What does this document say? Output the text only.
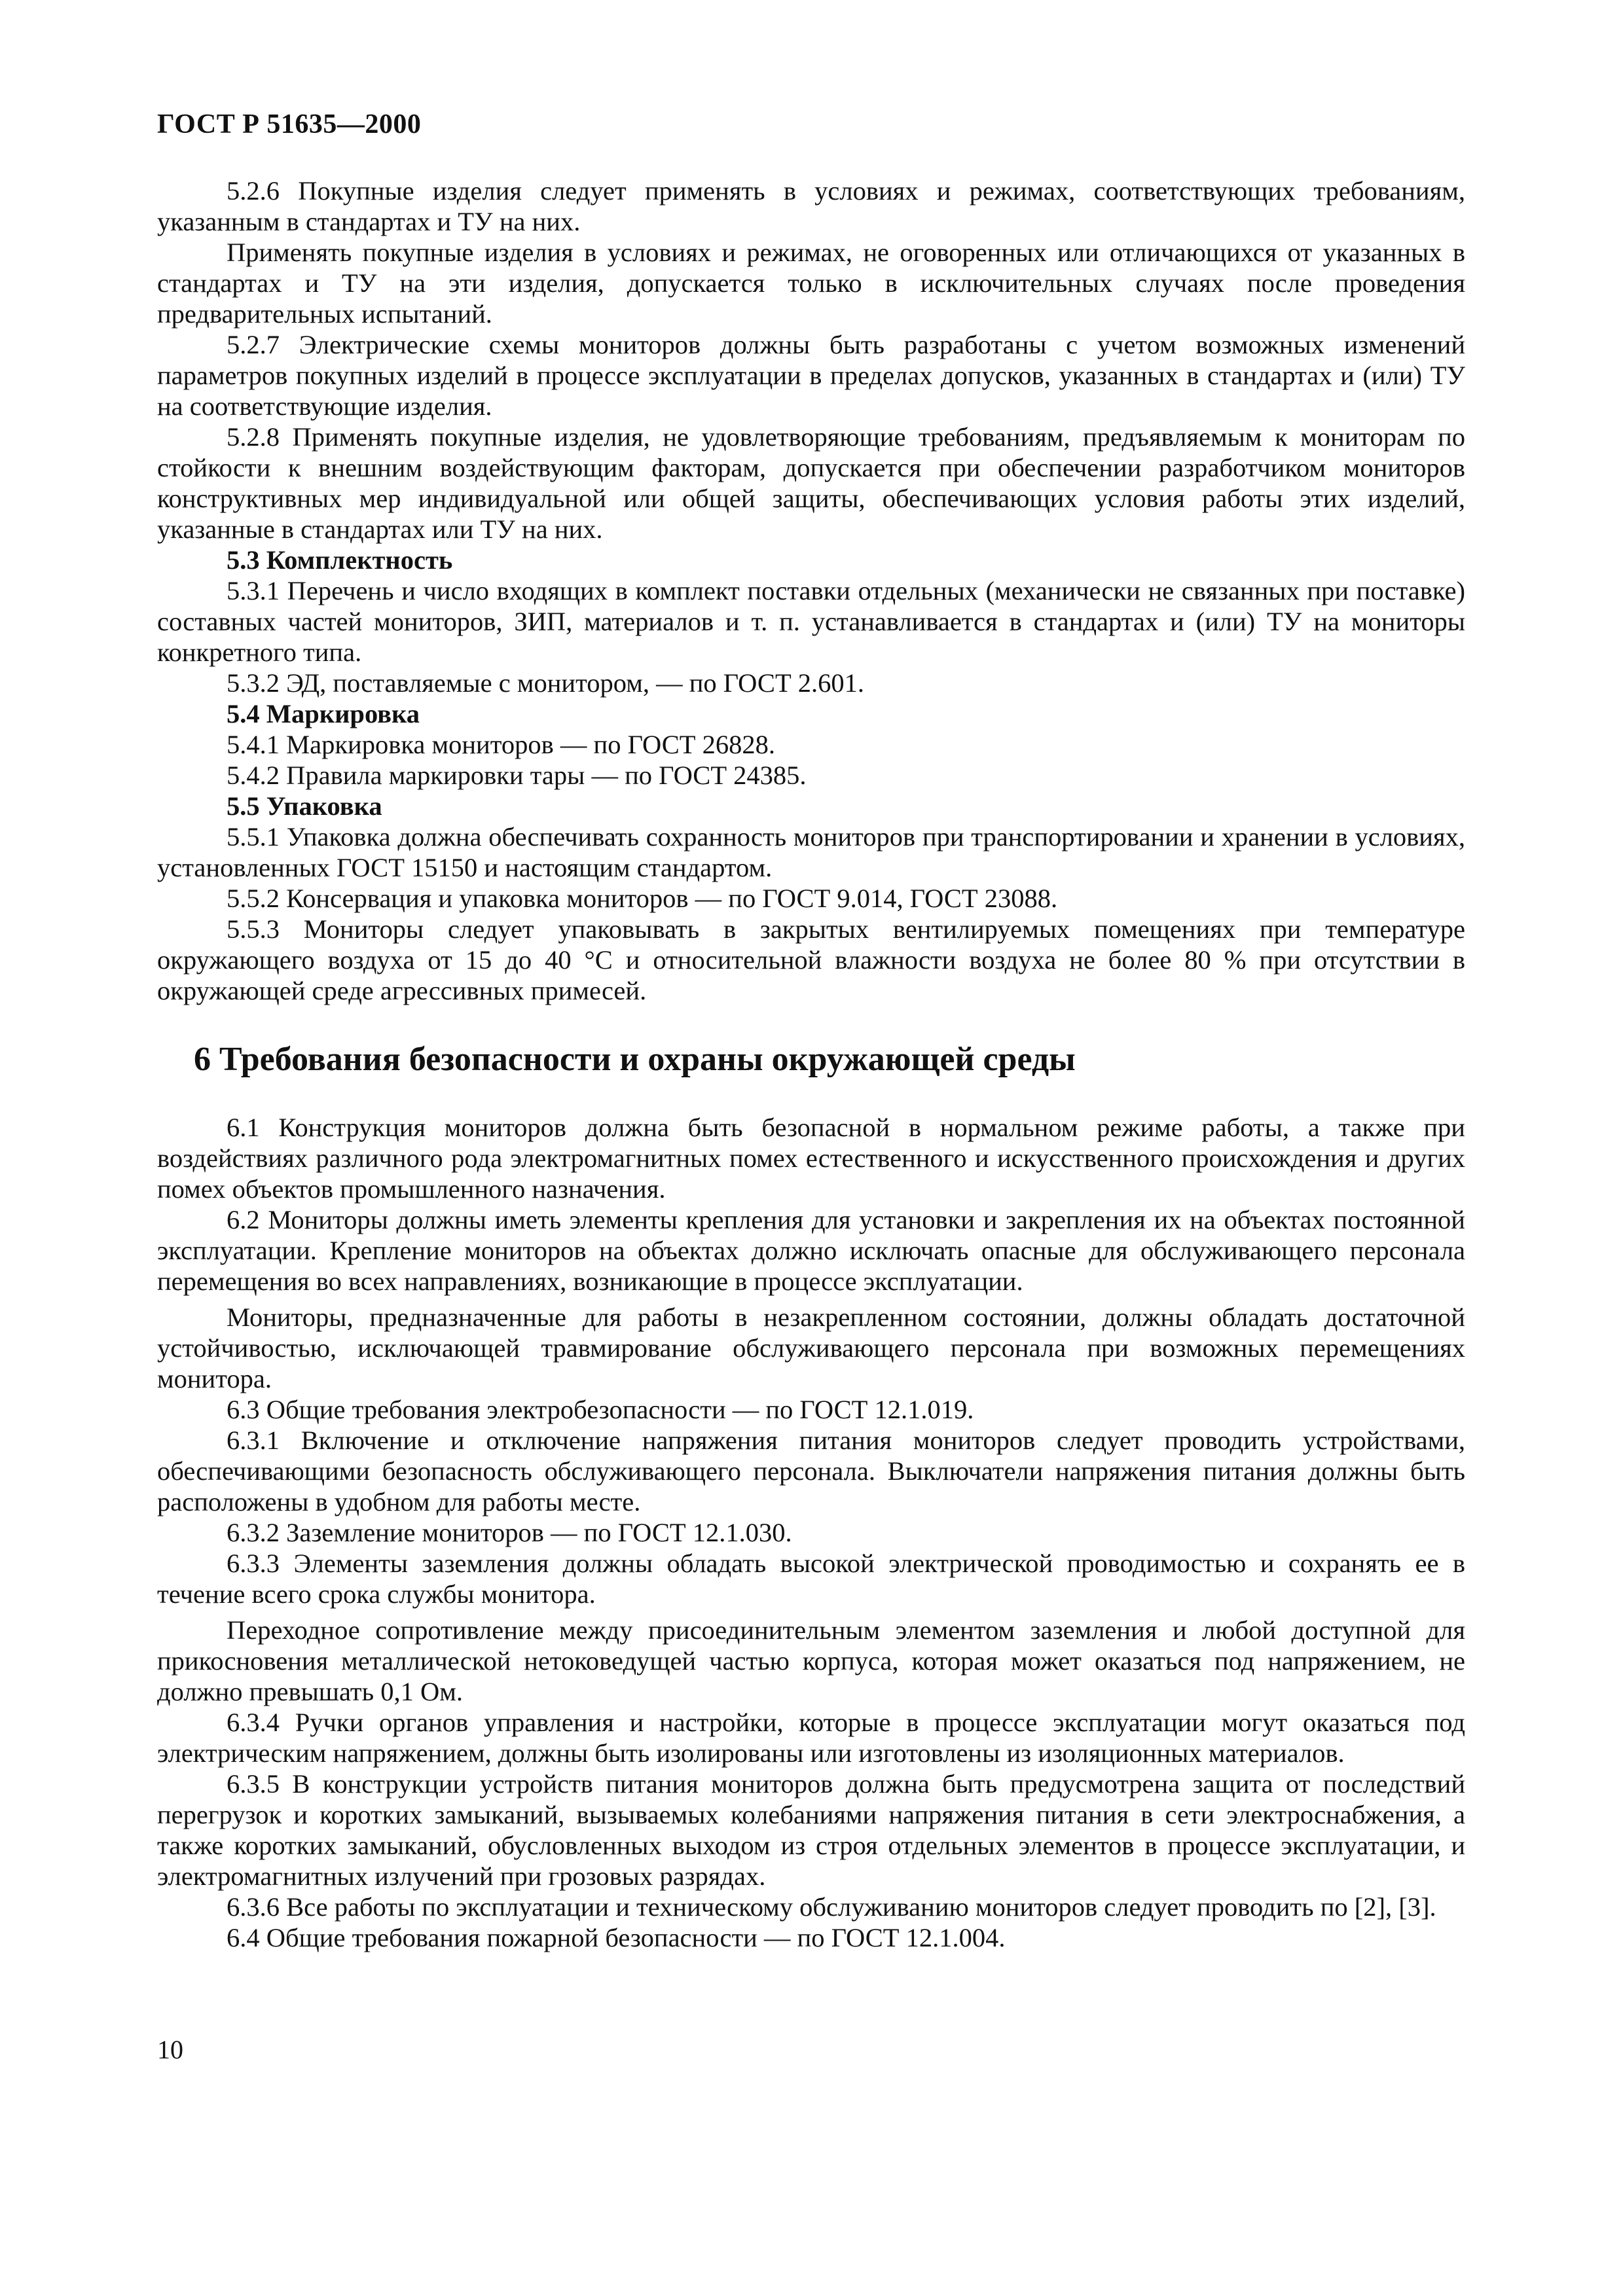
ГОСТ Р 51635—2000

5.2.6 Покупные изделия следует применять в условиях и режимах, соответствующих требованиям, указанным в стандартах и ТУ на них.

Применять покупные изделия в условиях и режимах, не оговоренных или отличающихся от указанных в стандартах и ТУ на эти изделия, допускается только в исключительных случаях после проведения предварительных испытаний.

5.2.7 Электрические схемы мониторов должны быть разработаны с учетом возможных изменений параметров покупных изделий в процессе эксплуатации в пределах допусков, указанных в стандартах и (или) ТУ на соответствующие изделия.

5.2.8 Применять покупные изделия, не удовлетворяющие требованиям, предъявляемым к мониторам по стойкости к внешним воздействующим факторам, допускается при обеспечении разработчиком мониторов конструктивных мер индивидуальной или общей защиты, обеспечивающих условия работы этих изделий, указанные в стандартах или ТУ на них.

5.3 Комплектность

5.3.1 Перечень и число входящих в комплект поставки отдельных (механически не связанных при поставке) составных частей мониторов, ЗИП, материалов и т. п. устанавливается в стандартах и (или) ТУ на мониторы конкретного типа.

5.3.2 ЭД, поставляемые с монитором, — по ГОСТ 2.601.

5.4 Маркировка

5.4.1 Маркировка мониторов — по ГОСТ 26828.

5.4.2 Правила маркировки тары — по ГОСТ 24385.

5.5 Упаковка

5.5.1 Упаковка должна обеспечивать сохранность мониторов при транспортировании и хранении в условиях, установленных ГОСТ 15150 и настоящим стандартом.

5.5.2 Консервация и упаковка мониторов — по ГОСТ 9.014, ГОСТ 23088.

5.5.3 Мониторы следует упаковывать в закрытых вентилируемых помещениях при температуре окружающего воздуха от 15 до 40 °С и относительной влажности воздуха не более 80 % при отсутствии в окружающей среде агрессивных примесей.

6 Требования безопасности и охраны окружающей среды

6.1 Конструкция мониторов должна быть безопасной в нормальном режиме работы, а также при воздействиях различного рода электромагнитных помех естественного и искусственного происхождения и других помех объектов промышленного назначения.

6.2 Мониторы должны иметь элементы крепления для установки и закрепления их на объектах постоянной эксплуатации. Крепление мониторов на объектах должно исключать опасные для обслуживающего персонала перемещения во всех направлениях, возникающие в процессе эксплуатации.

Мониторы, предназначенные для работы в незакрепленном состоянии, должны обладать достаточной устойчивостью, исключающей травмирование обслуживающего персонала при возможных перемещениях монитора.

6.3 Общие требования электробезопасности — по ГОСТ 12.1.019.

6.3.1 Включение и отключение напряжения питания мониторов следует проводить устройствами, обеспечивающими безопасность обслуживающего персонала. Выключатели напряжения питания должны быть расположены в удобном для работы месте.

6.3.2 Заземление мониторов — по ГОСТ 12.1.030.

6.3.3 Элементы заземления должны обладать высокой электрической проводимостью и сохранять ее в течение всего срока службы монитора.

Переходное сопротивление между присоединительным элементом заземления и любой доступной для прикосновения металлической нетоковедущей частью корпуса, которая может оказаться под напряжением, не должно превышать 0,1 Ом.

6.3.4 Ручки органов управления и настройки, которые в процессе эксплуатации могут оказаться под электрическим напряжением, должны быть изолированы или изготовлены из изоляционных материалов.

6.3.5 В конструкции устройств питания мониторов должна быть предусмотрена защита от последствий перегрузок и коротких замыканий, вызываемых колебаниями напряжения питания в сети электроснабжения, а также коротких замыканий, обусловленных выходом из строя отдельных элементов в процессе эксплуатации, и электромагнитных излучений при грозовых разрядах.

6.3.6 Все работы по эксплуатации и техническому обслуживанию мониторов следует проводить по [2], [3].

6.4 Общие требования пожарной безопасности — по ГОСТ 12.1.004.

10
